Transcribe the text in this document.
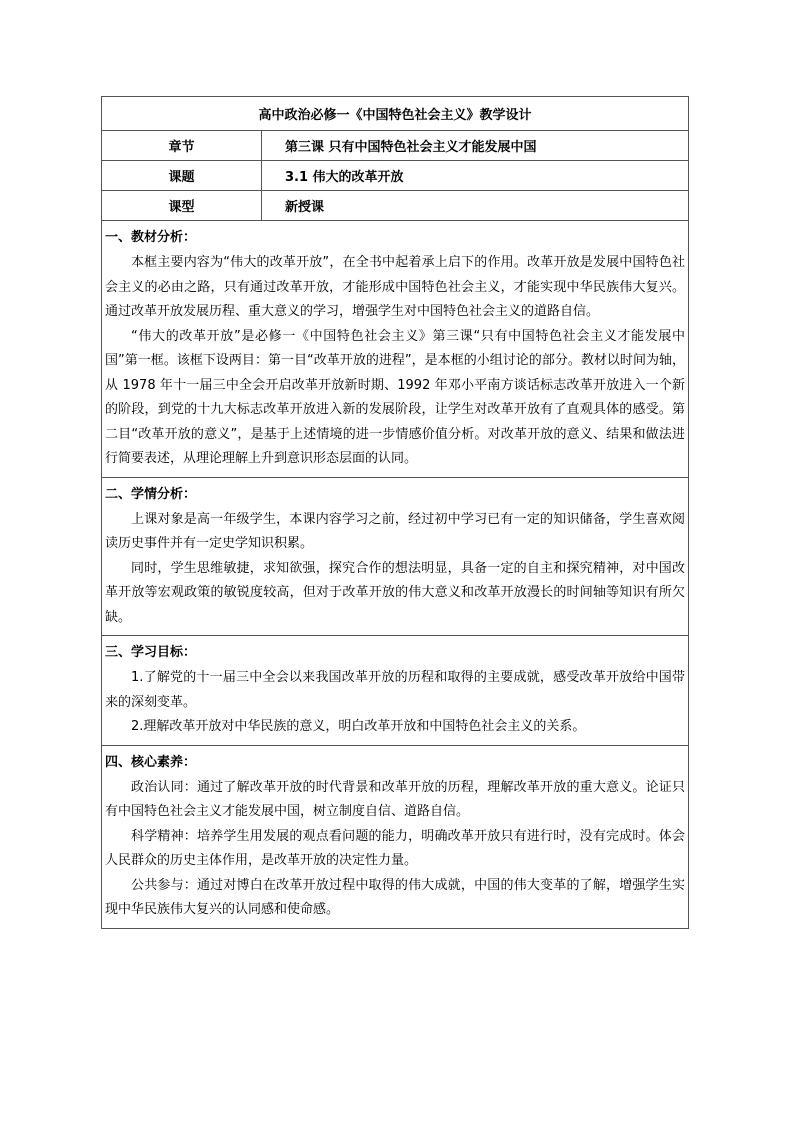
高中政治必修一《中国特色社会主义》教学设计	
章节	第三课 只有中国特色社会主义才能发展中国
课题	3.1 伟大的改革开放
课型	新授课

一、教材分析：

本框主要内容为“伟大的改革开放”，在全书中起着承上启下的作用。改革开放是发展中国特色社会主义的必由之路，只有通过改革开放，才能形成中国特色社会主义，才能实现中华民族伟大复兴。通过改革开放发展历程、重大意义的学习，增强学生对中国特色社会主义的道路自信。

“伟大的改革开放”是必修一《中国特色社会主义》第三课“只有中国特色社会主义才能发展中国”第一框。该框下设两目：第一目“改革开放的进程”，是本框的小组讨论的部分。教材以时间为轴，从 1978 年十一届三中全会开启改革开放新时期、1992 年邓小平南方谈话标志改革开放进入一个新的阶段，到党的十九大标志改革开放进入新的发展阶段，让学生对改革开放有了直观具体的感受。第二目“改革开放的意义”，是基于上述情境的进一步情感价值分析。对改革开放的意义、结果和做法进行简要表述，从理论理解上升到意识形态层面的认同。	

二、学情分析：

上课对象是高一年级学生，本课内容学习之前，经过初中学习已有一定的知识储备，学生喜欢阅读历史事件并有一定史学知识积累。

同时，学生思维敏捷，求知欲强，探究合作的想法明显，具备一定的自主和探究精神，对中国改革开放等宏观政策的敏锐度较高，但对于改革开放的伟大意义和改革开放漫长的时间轴等知识有所欠缺。	

三、学习目标：

1.了解党的十一届三中全会以来我国改革开放的历程和取得的主要成就，感受改革开放给中国带来的深刻变革。

2.理解改革开放对中华民族的意义，明白改革开放和中国特色社会主义的关系。	

四、核心素养：

政治认同：通过了解改革开放的时代背景和改革开放的历程，理解改革开放的重大意义。论证只有中国特色社会主义才能发展中国，树立制度自信、道路自信。

科学精神：培养学生用发展的观点看问题的能力，明确改革开放只有进行时，没有完成时。体会人民群众的历史主体作用，是改革开放的决定性力量。

公共参与：通过对博白在改革开放过程中取得的伟大成就，中国的伟大变革的了解，增强学生实现中华民族伟大复兴的认同感和使命感。	
